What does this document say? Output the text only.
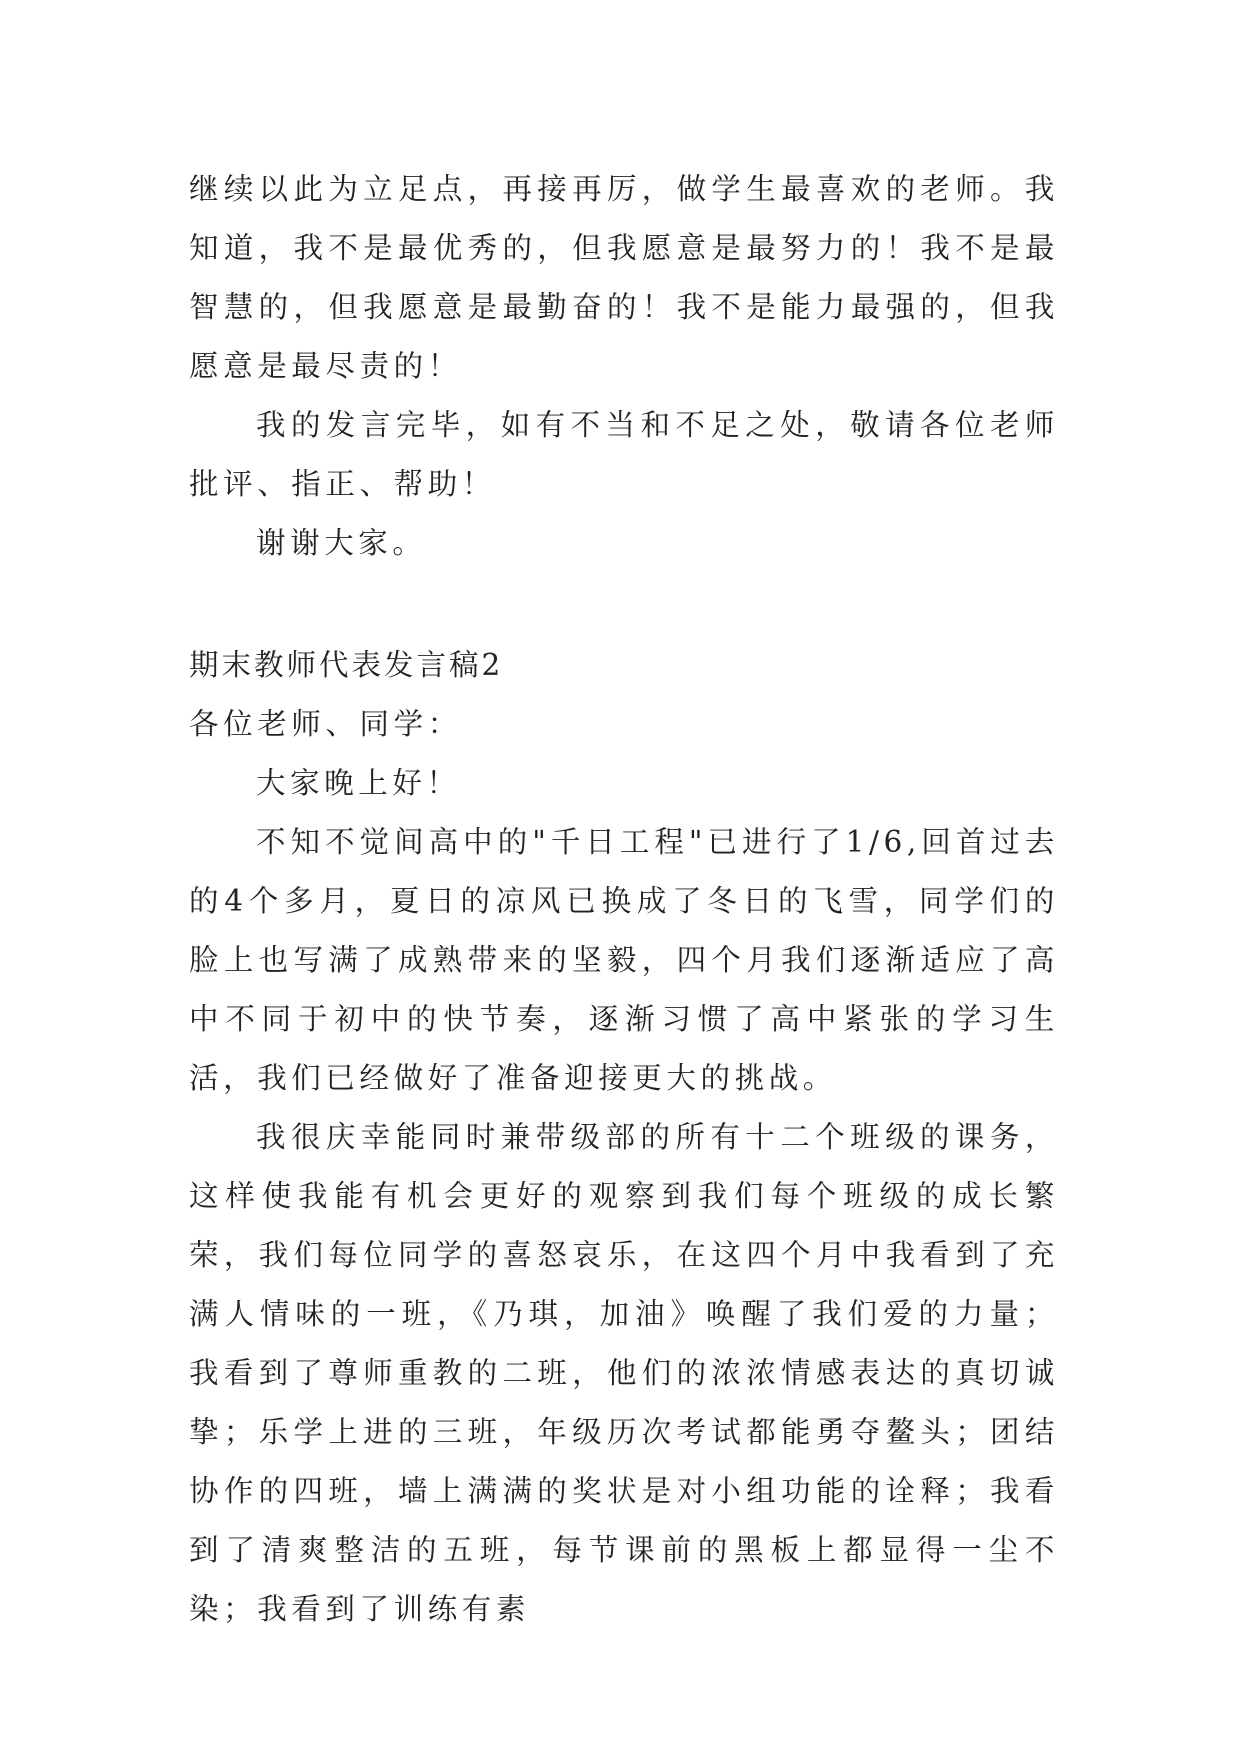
继续以此为立足点，再接再厉，做学生最喜欢的老师。我知道，我不是最优秀的，但我愿意是最努力的！我不是最智慧的，但我愿意是最勤奋的！我不是能力最强的，但我愿意是最尽责的！

我的发言完毕，如有不当和不足之处，敬请各位老师批评、指正、帮助！

谢谢大家。

期末教师代表发言稿2

各位老师、同学：

大家晚上好！

不知不觉间高中的"千日工程"已进行了1/6,回首过去的4个多月，夏日的凉风已换成了冬日的飞雪，同学们的脸上也写满了成熟带来的坚毅，四个月我们逐渐适应了高中不同于初中的快节奏，逐渐习惯了高中紧张的学习生活，我们已经做好了准备迎接更大的挑战。

我很庆幸能同时兼带级部的所有十二个班级的课务，这样使我能有机会更好的观察到我们每个班级的成长繁荣，我们每位同学的喜怒哀乐，在这四个月中我看到了充满人情味的一班，《乃琪，加油》唤醒了我们爱的力量；我看到了尊师重教的二班，他们的浓浓情感表达的真切诚挚；乐学上进的三班，年级历次考试都能勇夺鳌头；团结协作的四班，墙上满满的奖状是对小组功能的诠释；我看到了清爽整洁的五班，每节课前的黑板上都显得一尘不染；我看到了训练有素
